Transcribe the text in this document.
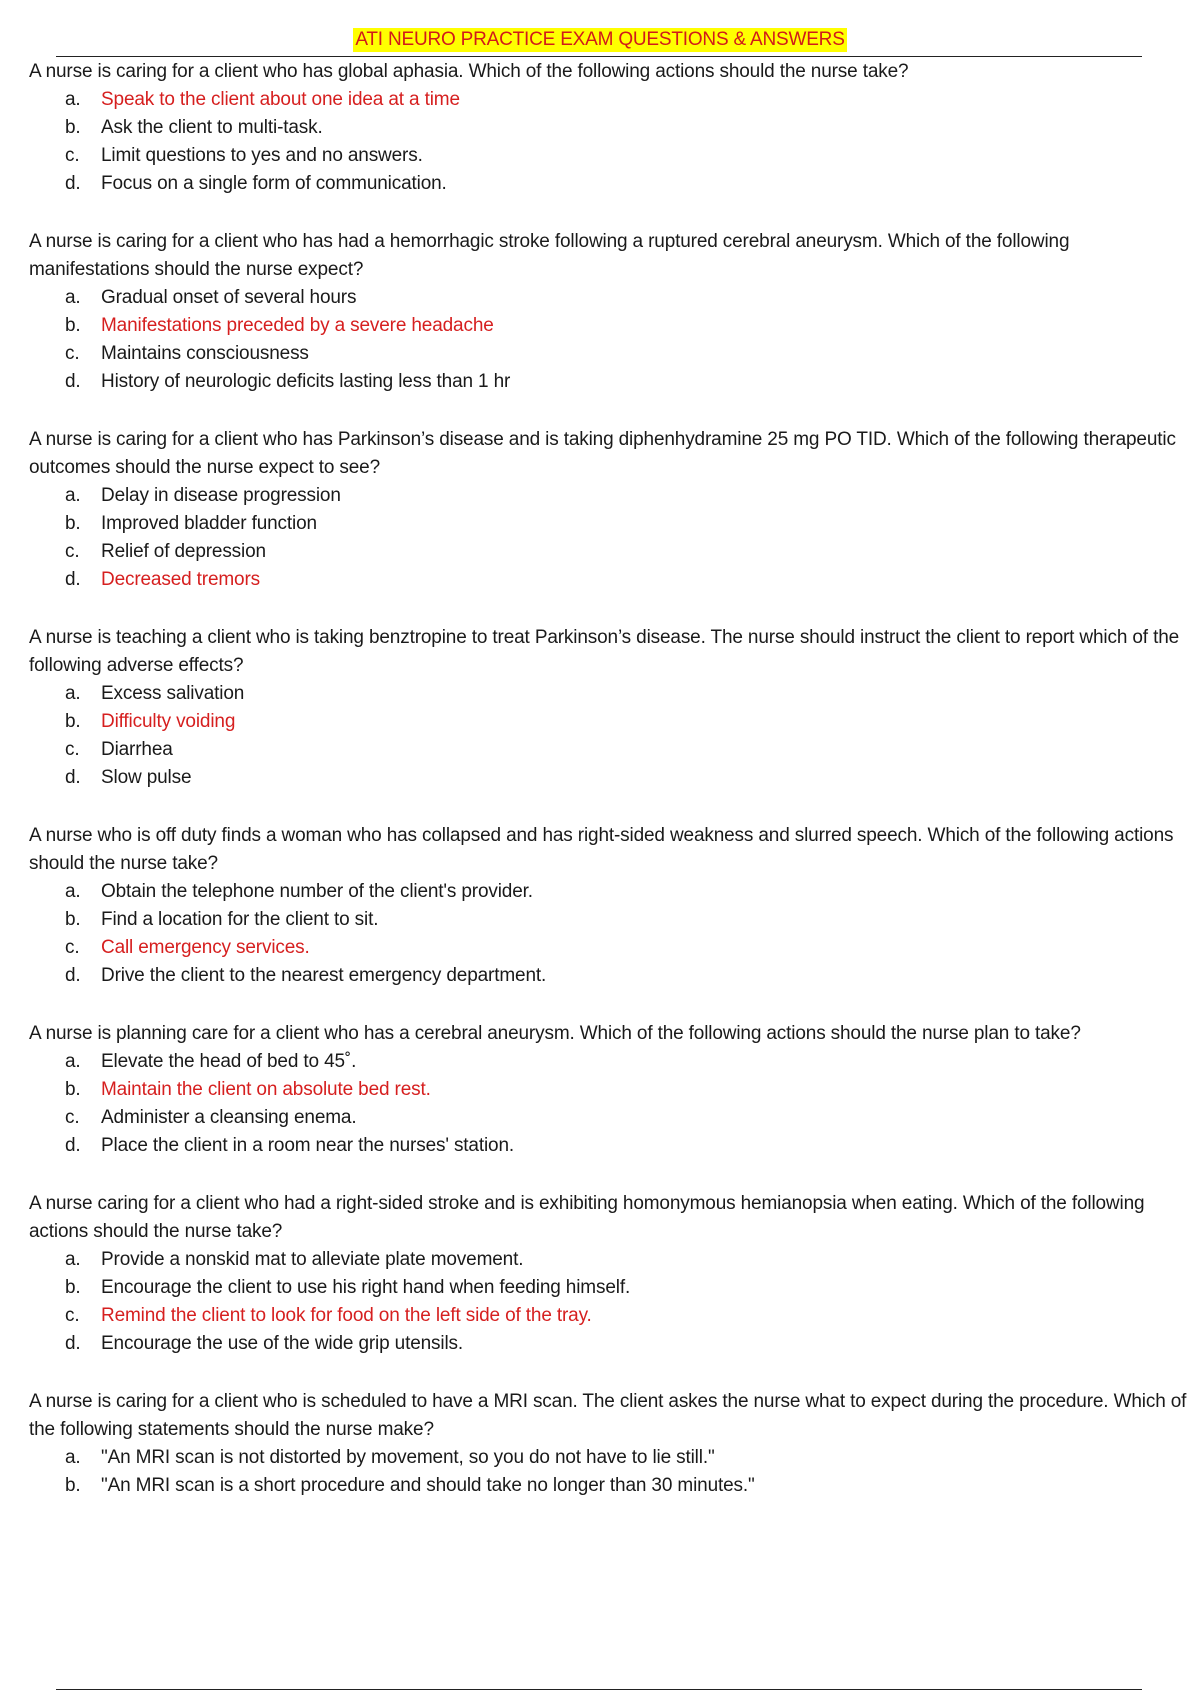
ATI NEURO PRACTICE EXAM QUESTIONS & ANSWERS

A nurse is caring for a client who has global aphasia. Which of the following actions should the nurse take?

a.	Speak to the client about one idea at a time
b.	Ask the client to multi-task.
c.	Limit questions to yes and no answers.
d.	Focus on a single form of communication.

A nurse is caring for a client who has had a hemorrhagic stroke following a ruptured cerebral aneurysm. Which of the following manifestations should the nurse expect?

a.	Gradual onset of several hours
b.	Manifestations preceded by a severe headache
c.	Maintains consciousness
d.	History of neurologic deficits lasting less than 1 hr

A nurse is caring for a client who has Parkinson’s disease and is taking diphenhydramine 25 mg PO TID. Which of the following therapeutic outcomes should the nurse expect to see?

a.	Delay in disease progression
b.	Improved bladder function
c.	Relief of depression
d.	Decreased tremors

A nurse is teaching a client who is taking benztropine to treat Parkinson’s disease. The nurse should instruct the client to report which of the following adverse effects?

a.	Excess salivation
b.	Difficulty voiding
c.	Diarrhea
d.	Slow pulse

A nurse who is off duty finds a woman who has collapsed and has right-sided weakness and slurred speech. Which of the following actions should the nurse take?

a.	Obtain the telephone number of the client's provider.
b.	Find a location for the client to sit.
c.	Call emergency services.
d.	Drive the client to the nearest emergency department.

A nurse is planning care for a client who has a cerebral aneurysm. Which of the following actions should the nurse plan to take?

a.	Elevate the head of bed to 45˚.
b.	Maintain the client on absolute bed rest.
c.	Administer a cleansing enema.
d.	Place the client in a room near the nurses' station.

A nurse caring for a client who had a right-sided stroke and is exhibiting homonymous hemianopsia when eating. Which of the following actions should the nurse take?

a.	Provide a nonskid mat to alleviate plate movement.
b.	Encourage the client to use his right hand when feeding himself.
c.	Remind the client to look for food on the left side of the tray.
d.	Encourage the use of the wide grip utensils.

A nurse is caring for a client who is scheduled to have a MRI scan. The client askes the nurse what to expect during the procedure. Which of the following statements should the nurse make?

a.	"An MRI scan is not distorted by movement, so you do not have to lie still."
b.	"An MRI scan is a short procedure and should take no longer than 30 minutes."
